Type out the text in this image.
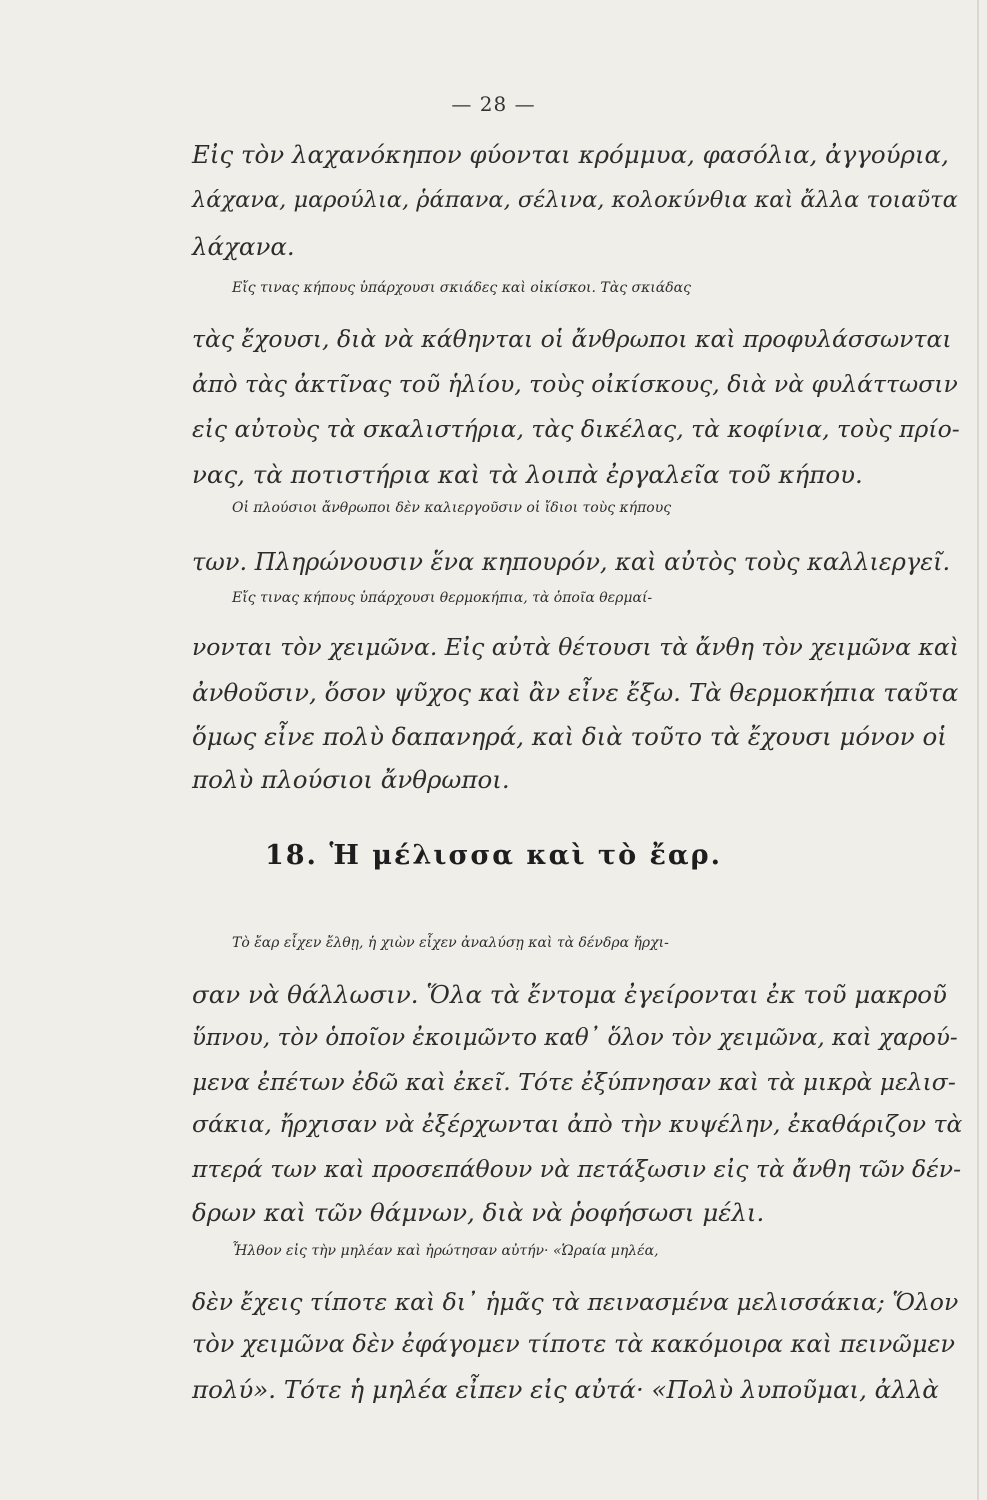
— 28 —
Εἰς τὸν λαχανόκηπον φύονται κρόμμυα, φασόλια, ἀγγούρια,
λάχανα, μαρούλια, ῥάπανα, σέλινα, κολοκύνθια καὶ ἄλλα τοιαῦτα
λάχανα.
Εἴς τινας κήπους ὑπάρχουσι σκιάδες καὶ οἰκίσκοι. Τὰς σκιάδας
τὰς ἔχουσι, διὰ νὰ κάθηνται οἱ ἄνθρωποι καὶ προφυλάσσωνται
ἀπὸ τὰς ἀκτῖνας τοῦ ἡλίου, τοὺς οἰκίσκους, διὰ νὰ φυλάττωσιν
εἰς αὐτοὺς τὰ σκαλιστήρια, τὰς δικέλας, τὰ κοφίνια, τοὺς πρίο-
νας, τὰ ποτιστήρια καὶ τὰ λοιπὰ ἐργαλεῖα τοῦ κήπου.
Οἱ πλούσιοι ἄνθρωποι δὲν καλιεργοῦσιν οἱ ἴδιοι τοὺς κήπους
των. Πληρώνουσιν ἕνα κηπουρόν, καὶ αὐτὸς τοὺς καλλιεργεῖ.
Εἴς τινας κήπους ὑπάρχουσι θερμοκήπια, τὰ ὁποῖα θερμαί-
νονται τὸν χειμῶνα. Εἰς αὐτὰ θέτουσι τὰ ἄνθη τὸν χειμῶνα καὶ
ἀνθοῦσιν, ὅσον ψῦχος καὶ ἂν εἶνε ἔξω. Τὰ θερμοκήπια ταῦτα
ὅμως εἶνε πολὺ δαπανηρά, καὶ διὰ τοῦτο τὰ ἔχουσι μόνον οἱ
πολὺ πλούσιοι ἄνθρωποι.
18. Ἡ μέλισσα καὶ τὸ ἔαρ.
Τὸ ἔαρ εἶχεν ἔλθῃ, ἡ χιὼν εἶχεν ἀναλύσῃ καὶ τὰ δένδρα ἤρχι-
σαν νὰ θάλλωσιν. Ὅλα τὰ ἔντομα ἐγείρονται ἐκ τοῦ μακροῦ
ὕπνου, τὸν ὁποῖον ἐκοιμῶντο καθ᾿ ὅλον τὸν χειμῶνα, καὶ χαρού-
μενα ἐπέτων ἐδῶ καὶ ἐκεῖ. Τότε ἐξύπνησαν καὶ τὰ μικρὰ μελισ-
σάκια, ἤρχισαν νὰ ἐξέρχωνται ἀπὸ τὴν κυψέλην, ἐκαθάριζον τὰ
πτερά των καὶ προσεπάθουν νὰ πετάξωσιν εἰς τὰ ἄνθη τῶν δέν-
δρων καὶ τῶν θάμνων, διὰ νὰ ῥοφήσωσι μέλι.
Ἦλθον εἰς τὴν μηλέαν καὶ ἠρώτησαν αὐτήν· «Ὡραία μηλέα,
δὲν ἔχεις τίποτε καὶ δι᾿ ἡμᾶς τὰ πεινασμένα μελισσάκια; Ὅλον
τὸν χειμῶνα δὲν ἐφάγομεν τίποτε τὰ κακόμοιρα καὶ πεινῶμεν
πολύ». Τότε ἡ μηλέα εἶπεν εἰς αὐτά· «Πολὺ λυποῦμαι, ἀλλὰ
